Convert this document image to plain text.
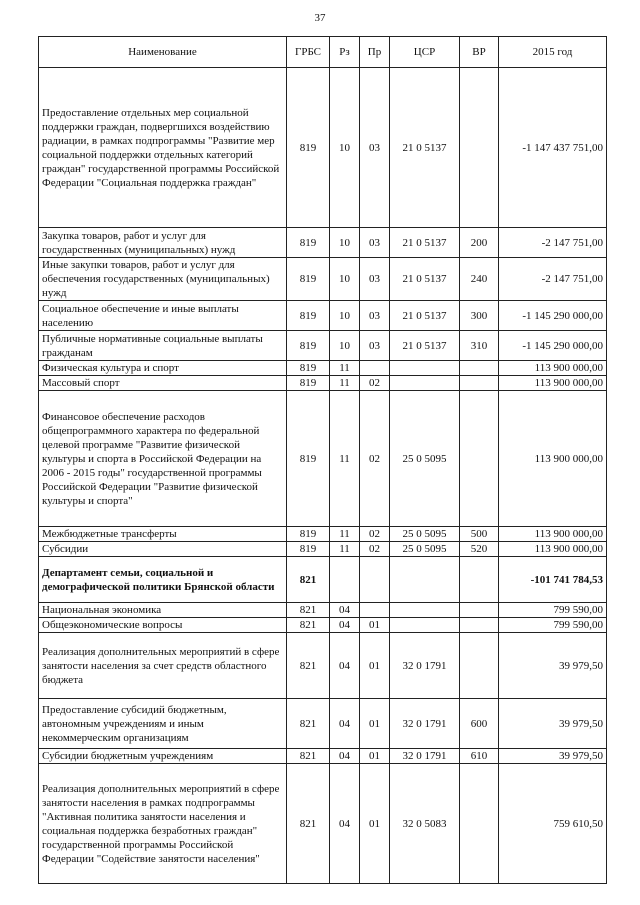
37
Наименование	ГРБС	Рз	Пр	ЦСР	ВР	2015 год
Предоставление отдельных мер социальной поддержки граждан, подвергшихся воздействию радиации, в рамках подпрограммы "Развитие мер социальной поддержки отдельных категорий граждан" государственной программы Российской Федерации "Социальная поддержка граждан"	819	10	03	21 0 5137		-1 147 437 751,00
Закупка товаров, работ и услуг для государственных (муниципальных) нужд	819	10	03	21 0 5137	200	-2 147 751,00
Иные закупки товаров, работ и услуг для обеспечения государственных (муниципальных) нужд	819	10	03	21 0 5137	240	-2 147 751,00
Социальное обеспечение и иные выплаты населению	819	10	03	21 0 5137	300	-1 145 290 000,00
Публичные нормативные социальные выплаты гражданам	819	10	03	21 0 5137	310	-1 145 290 000,00
Физическая культура и спорт	819	11				113 900 000,00
Массовый спорт	819	11	02			113 900 000,00
Финансовое обеспечение расходов общепрограммного характера по федеральной целевой программе "Развитие физической культуры и спорта в Российской Федерации на 2006 - 2015 годы" государственной программы Российской Федерации "Развитие физической культуры и спорта"	819	11	02	25 0 5095		113 900 000,00
Межбюджетные трансферты	819	11	02	25 0 5095	500	113 900 000,00
Субсидии	819	11	02	25 0 5095	520	113 900 000,00
Департамент семьи, социальной и демографической политики Брянской области	821					-101 741 784,53
Национальная экономика	821	04				799 590,00
Общеэкономические вопросы	821	04	01			799 590,00
Реализация дополнительных мероприятий в сфере занятости населения за счет средств областного бюджета	821	04	01	32 0 1791		39 979,50
Предоставление субсидий бюджетным, автономным учреждениям и иным некоммерческим организациям	821	04	01	32 0 1791	600	39 979,50
Субсидии бюджетным учреждениям	821	04	01	32 0 1791	610	39 979,50
Реализация дополнительных мероприятий в сфере занятости населения в рамках подпрограммы "Активная политика занятости населения и социальная поддержка безработных граждан" государственной программы Российской Федерации "Содействие занятости населения"	821	04	01	32 0 5083		759 610,50
